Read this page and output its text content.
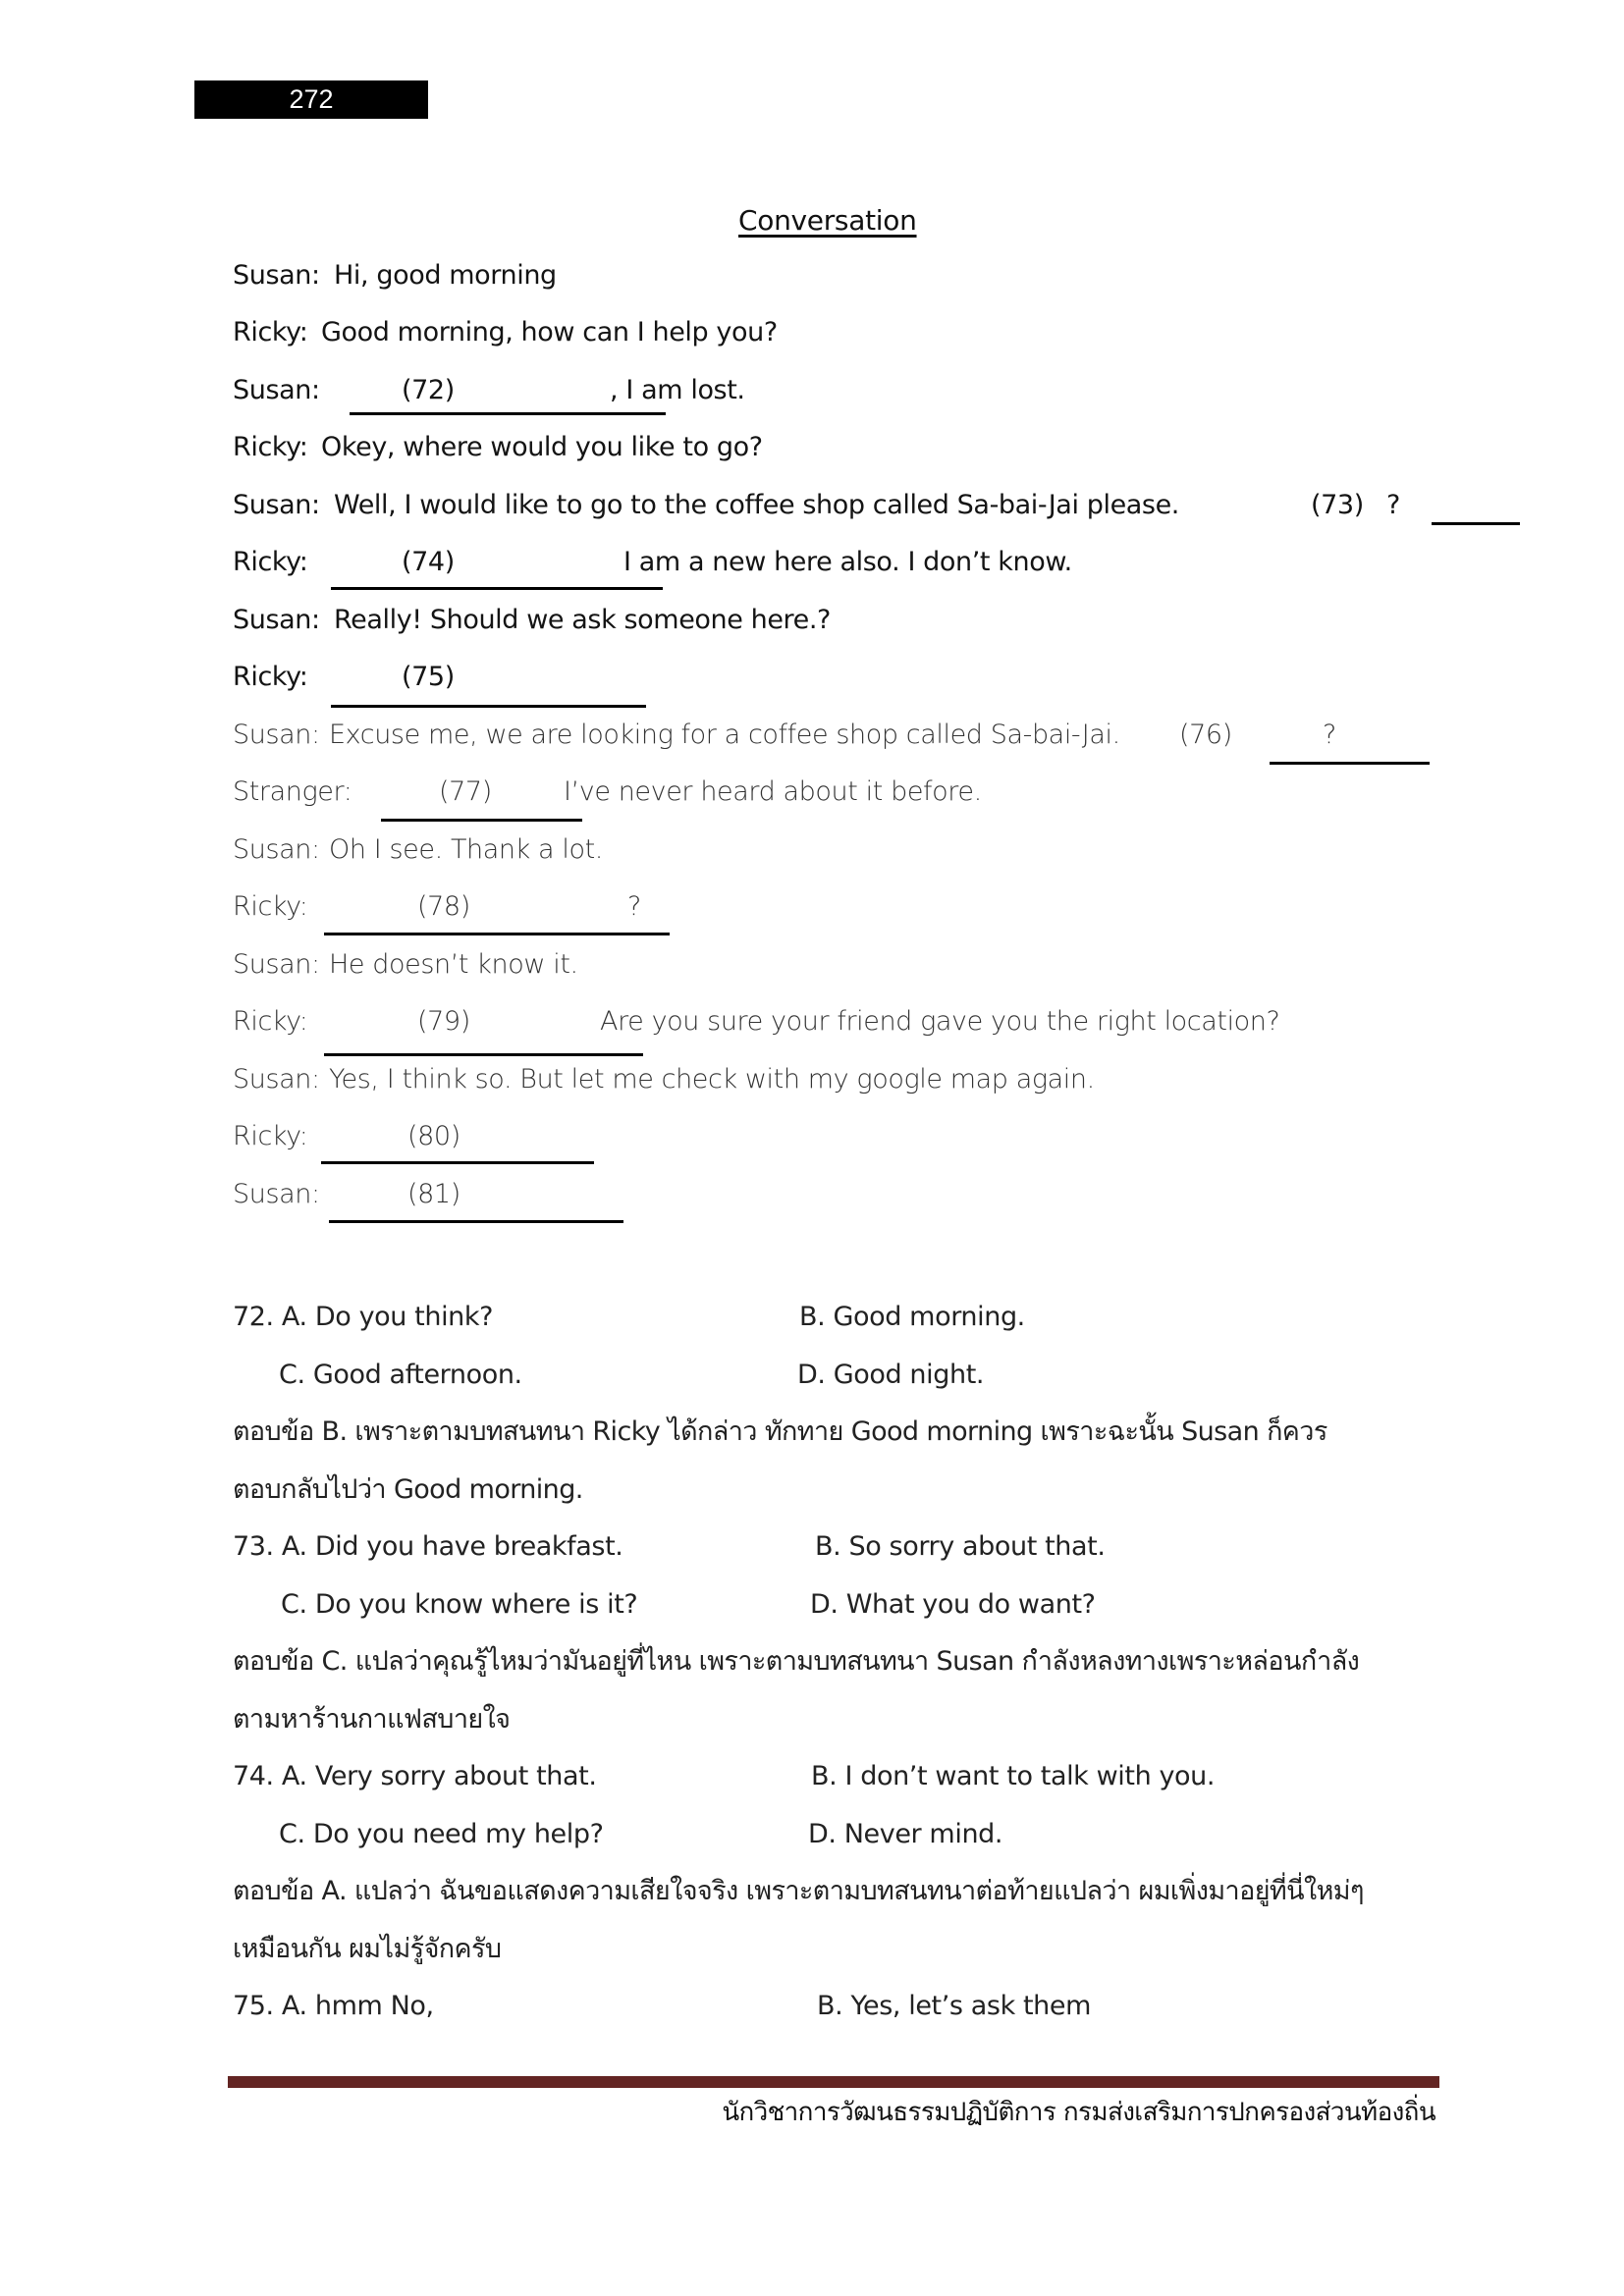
272
Conversation
Susan: Hi, good morning
Ricky: Good morning, how can I help you?
Susan:	(72)	, I am lost.
Ricky: Okey, where would you like to go?
Susan: Well, I would like to go to the coffee shop called Sa-bai-Jai please.	(73) ?
Ricky:	(74)	I am a new here also. I don’t know.
Susan: Really! Should we ask someone here.?
Ricky:	(75)
Susan: Excuse me, we are looking for a coffee shop called Sa-bai-Jai. (76)	?
Stranger:	(77)	I’ve never heard about it before.
Susan: Oh I see. Thank a lot.
Ricky:	(78)	?
Susan: He doesn’t know it.
Ricky:	(79)	Are you sure your friend gave you the right location?
Susan: Yes, I think so. But let me check with my google map again.
Ricky:	(80)
Susan:	(81)
72. A. Do you think?	B. Good morning.
C. Good afternoon.	D. Good night.
ตอบข้อ B. เพราะตามบทสนทนา Ricky ได้กล่าว ทักทาย Good morning เพราะฉะนั้น Susan ก็ควร
ตอบกลับไปว่า Good morning.
73. A. Did you have breakfast.	B. So sorry about that.
C. Do you know where is it?	D. What you do want?
ตอบข้อ C. แปลว่าคุณรู้ไหมว่ามันอยู่ที่ไหน เพราะตามบทสนทนา Susan กำลังหลงทางเพราะหล่อนกำลัง
ตามหาร้านกาแฟสบายใจ
74. A. Very sorry about that.	B. I don’t want to talk with you.
C. Do you need my help?	D. Never mind.
ตอบข้อ A. แปลว่า ฉันขอแสดงความเสียใจจริง เพราะตามบทสนทนาต่อท้ายแปลว่า ผมเพิ่งมาอยู่ที่นี่ใหม่ๆ
เหมือนกัน ผมไม่รู้จักครับ
75. A. hmm No,	B. Yes, let’s ask them
นักวิชาการวัฒนธรรมปฏิบัติการ กรมส่งเสริมการปกครองส่วนท้องถิ่น
